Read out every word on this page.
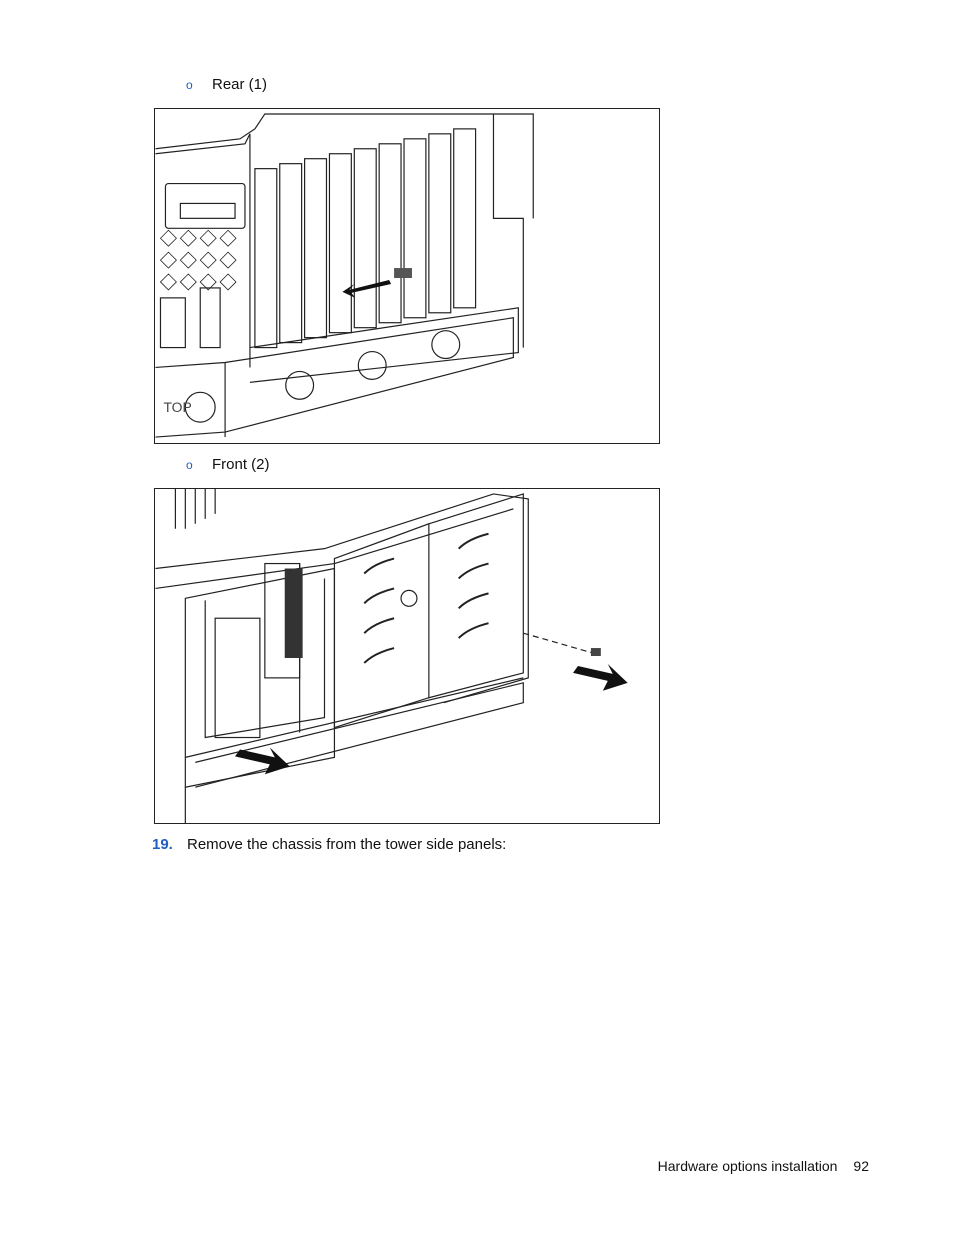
o	Rear (1)
TOP
o	Front (2)
19. Remove the chassis from the tower side panels:
Hardware options installation 92
